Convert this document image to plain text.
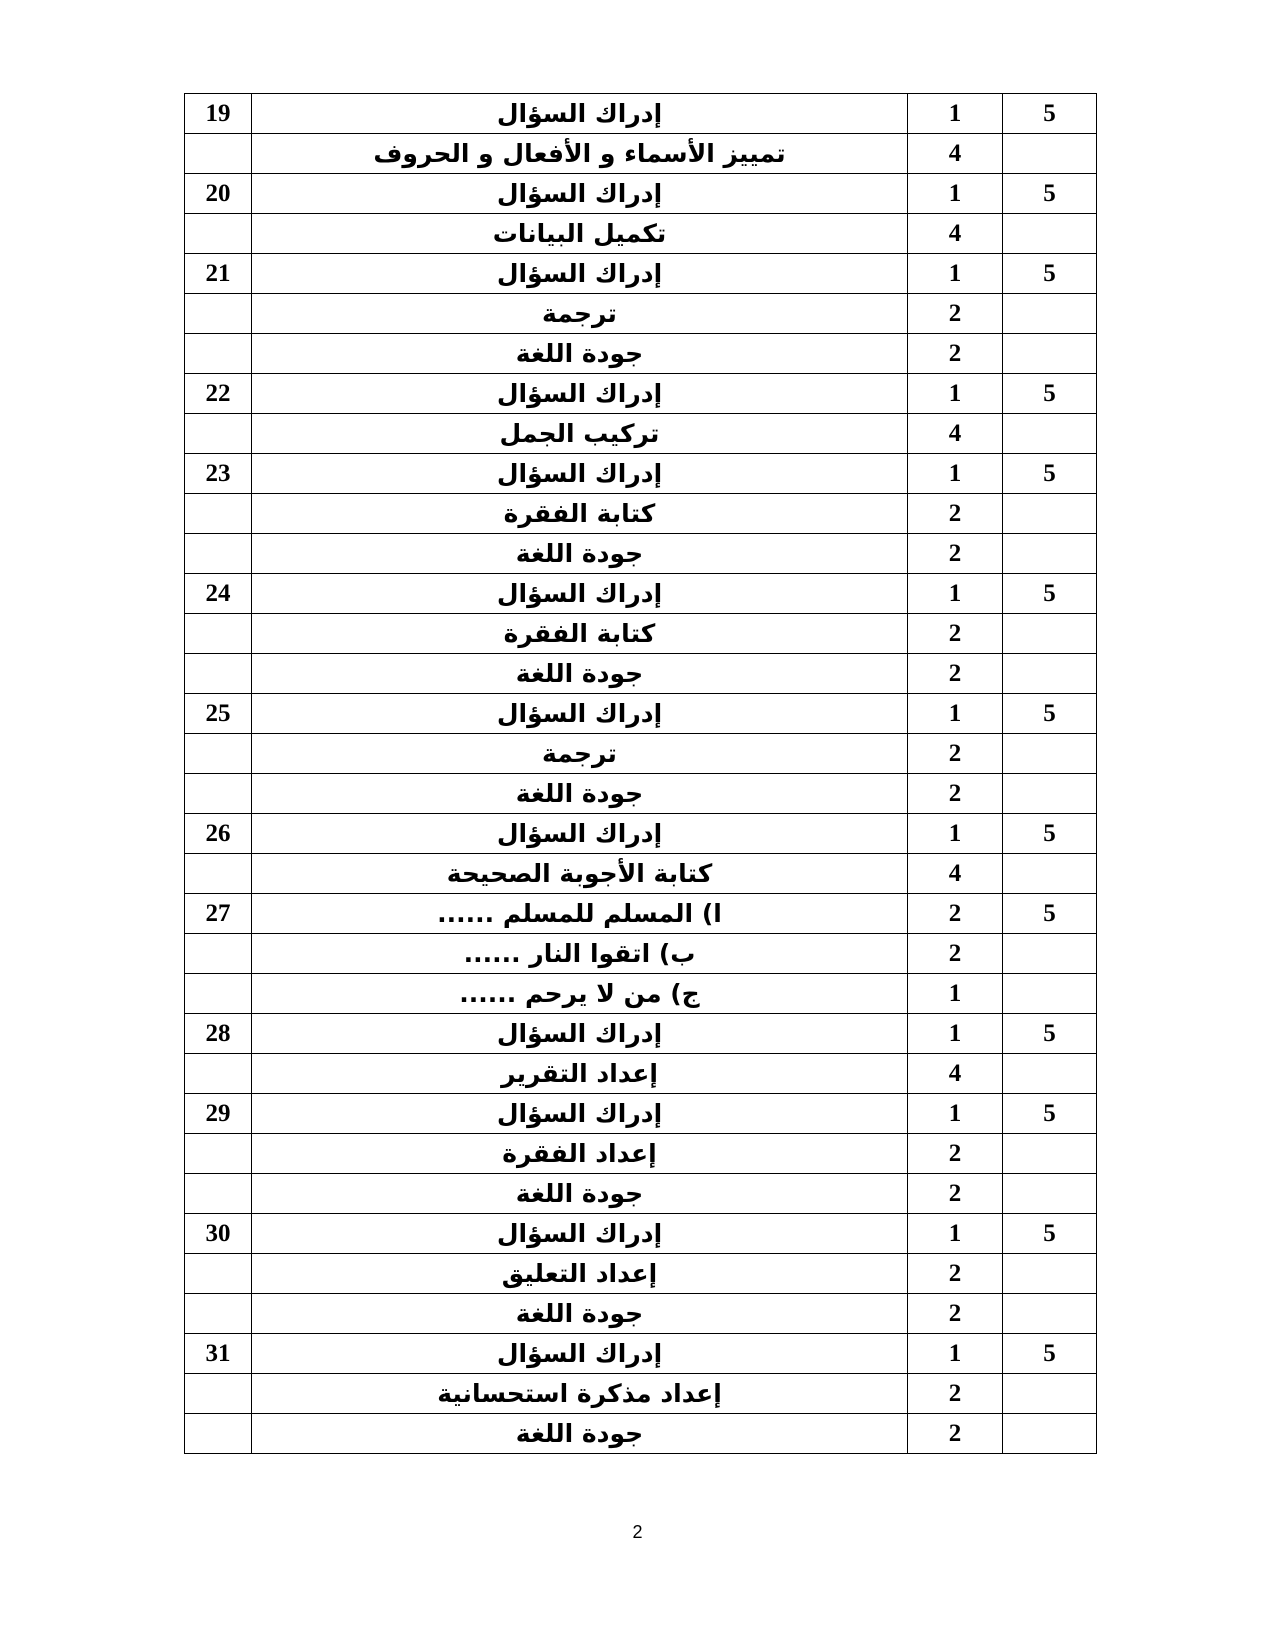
19	إدراك السؤال	1	5
	تمييز الأسماء و الأفعال و الحروف	4	
20	إدراك السؤال	1	5
	تكميل البيانات	4	
21	إدراك السؤال	1	5
	ترجمة	2	
	جودة اللغة	2	
22	إدراك السؤال	1	5
	تركيب الجمل	4	
23	إدراك السؤال	1	5
	كتابة الفقرة	2	
	جودة اللغة	2	
24	إدراك السؤال	1	5
	كتابة الفقرة	2	
	جودة اللغة	2	
25	إدراك السؤال	1	5
	ترجمة	2	
	جودة اللغة	2	
26	إدراك السؤال	1	5
	كتابة الأجوبة الصحيحة	4	
27	ا) المسلم للمسلم ......	2	5
	ب) اتقوا النار ......	2	
	ج) من لا يرحم ......	1	
28	إدراك السؤال	1	5
	إعداد التقرير	4	
29	إدراك السؤال	1	5
	إعداد الفقرة	2	
	جودة اللغة	2	
30	إدراك السؤال	1	5
	إعداد التعليق	2	
	جودة اللغة	2	
31	إدراك السؤال	1	5
	إعداد مذكرة استحسانية	2	
	جودة اللغة	2	
2
